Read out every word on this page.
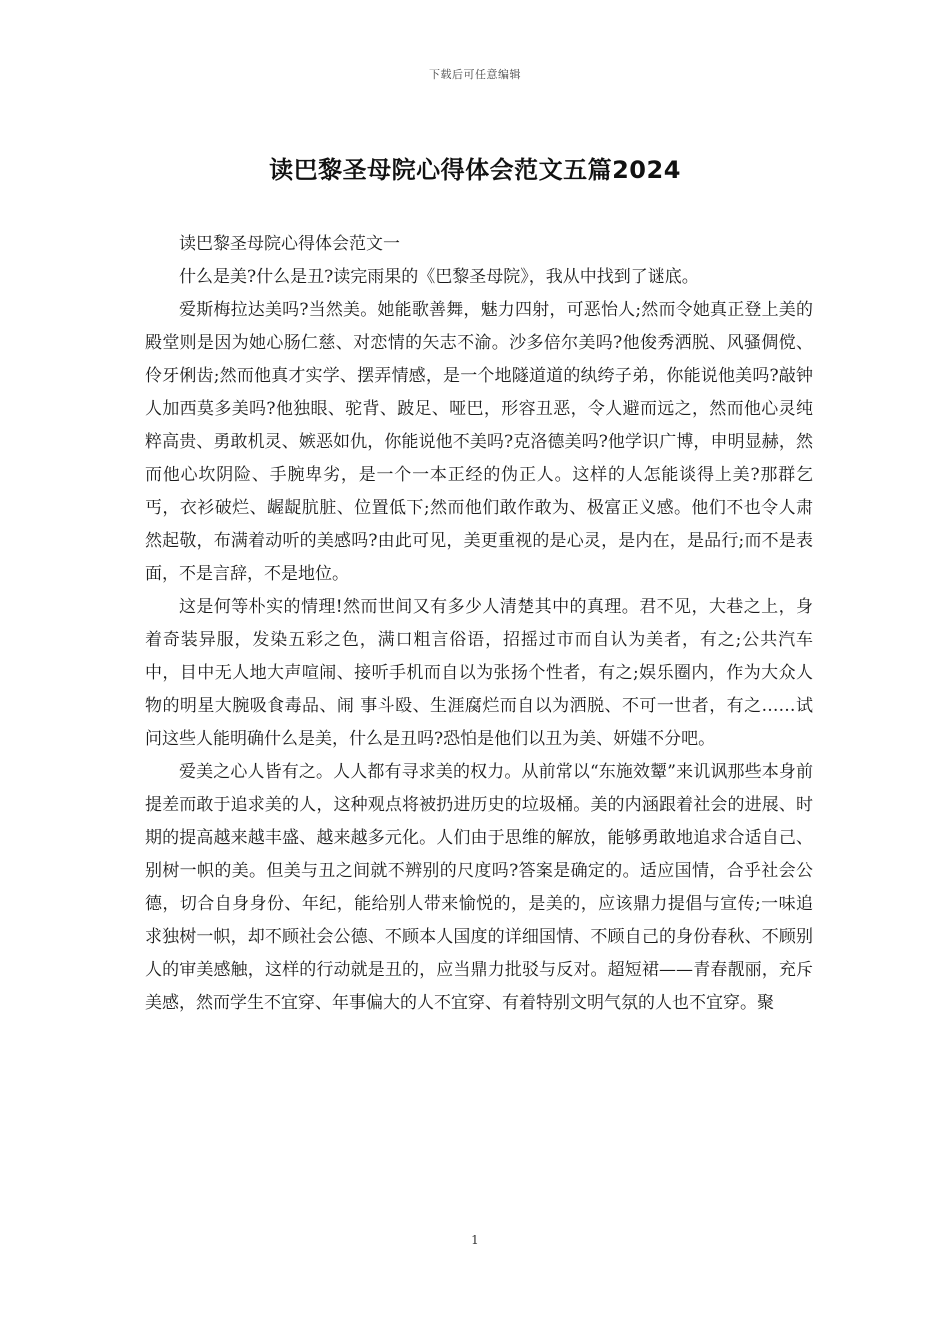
下载后可任意编辑
读巴黎圣母院心得体会范文五篇2024

读巴黎圣母院心得体会范文一

什么是美?什么是丑?读完雨果的《巴黎圣母院》，我从中找到了谜底。

爱斯梅拉达美吗?当然美。她能歌善舞，魅力四射，可恶怡人;然而令她真正登上美的殿堂则是因为她心肠仁慈、对恋情的矢志不渝。沙多倍尔美吗?他俊秀洒脱、风骚倜傥、伶牙俐齿;然而他真才实学、摆弄情感，是一个地隧道道的纨绔子弟，你能说他美吗?敲钟人加西莫多美吗?他独眼、驼背、跛足、哑巴，形容丑恶，令人避而远之，然而他心灵纯粹高贵、勇敢机灵、嫉恶如仇，你能说他不美吗?克洛德美吗?他学识广博，申明显赫，然而他心坎阴险、手腕卑劣，是一个一本正经的伪正人。这样的人怎能谈得上美?那群乞丐，衣衫破烂、龌龊肮脏、位置低下;然而他们敢作敢为、极富正义感。他们不也令人肃然起敬，布满着动听的美感吗?由此可见，美更重视的是心灵，是内在，是品行;而不是表面，不是言辞，不是地位。

这是何等朴实的情理!然而世间又有多少人清楚其中的真理。君不见，大巷之上，身着奇装异服，发染五彩之色，满口粗言俗语，招摇过市而自认为美者，有之;公共汽车中，目中无人地大声喧闹、接听手机而自以为张扬个性者，有之;娱乐圈内，作为大众人物的明星大腕吸食毒品、闹 事斗殴、生涯腐烂而自以为洒脱、不可一世者，有之……试问这些人能明确什么是美，什么是丑吗?恐怕是他们以丑为美、妍媸不分吧。

爱美之心人皆有之。人人都有寻求美的权力。从前常以“东施效颦”来讥讽那些本身前提差而敢于追求美的人，这种观点将被扔进历史的垃圾桶。美的内涵跟着社会的进展、时期的提高越来越丰盛、越来越多元化。人们由于思维的解放，能够勇敢地追求合适自己、别树一帜的美。但美与丑之间就不辨别的尺度吗?答案是确定的。适应国情，合乎社会公德，切合自身身份、年纪，能给别人带来愉悦的，是美的，应该鼎力提倡与宣传;一味追求独树一帜，却不顾社会公德、不顾本人国度的详细国情、不顾自己的身份春秋、不顾别人的审美感触，这样的行动就是丑的，应当鼎力批驳与反对。超短裙——青春靓丽，充斥美感，然而学生不宜穿、年事偏大的人不宜穿、有着特别文明气氛的人也不宜穿。聚

1
